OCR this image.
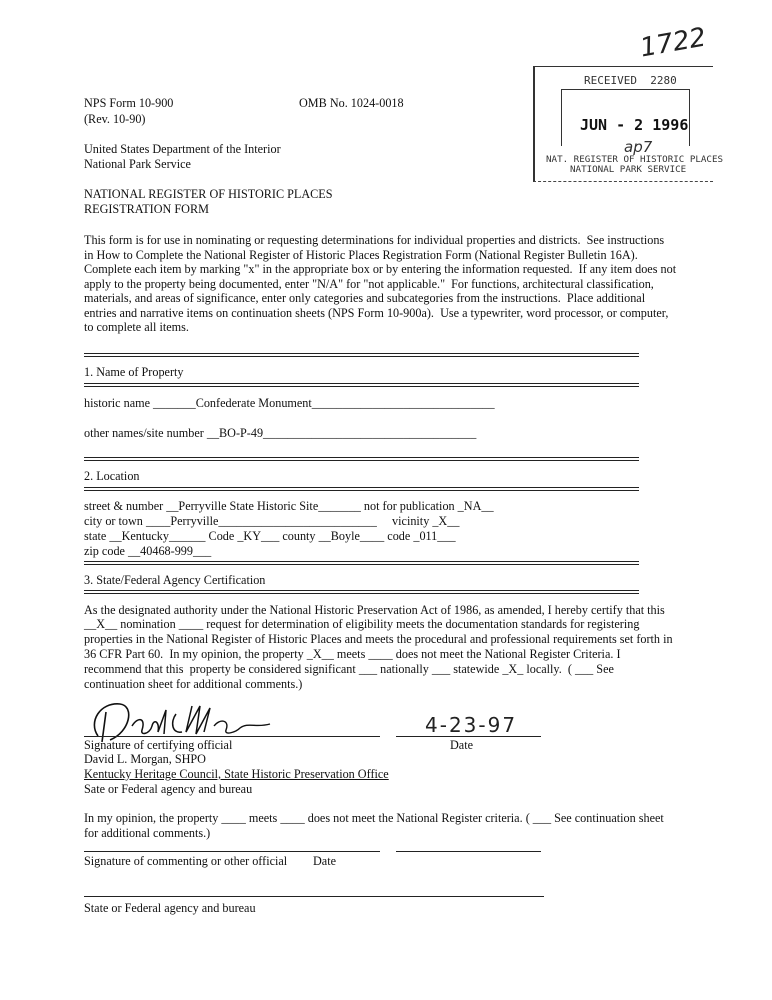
1722
RECEIVED  2280
JUN - 2 1996
ap7
NAT. REGISTER OF HISTORIC PLACES
NATIONAL PARK SERVICE
NPS Form 10-900
(Rev. 10-90)
OMB No. 1024-0018
United States Department of the Interior
National Park Service
NATIONAL REGISTER OF HISTORIC PLACES
REGISTRATION FORM
This form is for use in nominating or requesting determinations for individual properties and districts.  See instructions
in How to Complete the National Register of Historic Places Registration Form (National Register Bulletin 16A).
Complete each item by marking "x" in the appropriate box or by entering the information requested.  If any item does not
apply to the property being documented, enter "N/A" for "not applicable."  For functions, architectural classification,
materials, and areas of significance, enter only categories and subcategories from the instructions.  Place additional
entries and narrative items on continuation sheets (NPS Form 10-900a).  Use a typewriter, word processor, or computer,
to complete all items.
1. Name of Property
historic name _______Confederate Monument______________________________
other names/site number __BO-P-49___________________________________
2. Location
street & number __Perryville State Historic Site_______ not for publication _NA__
city or town ____Perryville__________________________     vicinity _X__
state __Kentucky______ Code _KY___ county __Boyle____ code _011___
zip code __40468-999___
3. State/Federal Agency Certification
As the designated authority under the National Historic Preservation Act of 1986, as amended, I hereby certify that this
__X__ nomination ____ request for determination of eligibility meets the documentation standards for registering
properties in the National Register of Historic Places and meets the procedural and professional requirements set forth in
36 CFR Part 60.  In my opinion, the property _X__ meets ____ does not meet the National Register Criteria. I
recommend that this  property be considered significant ___ nationally ___ statewide _X_ locally.  ( ___ See
continuation sheet for additional comments.)
4-23-97
Signature of certifying official	Date
David L. Morgan, SHPO
Kentucky Heritage Council, State Historic Preservation Office
Sate or Federal agency and bureau
In my opinion, the property ____ meets ____ does not meet the National Register criteria. ( ___ See continuation sheet
for additional comments.)
Signature of commenting or other official Date
State or Federal agency and bureau
